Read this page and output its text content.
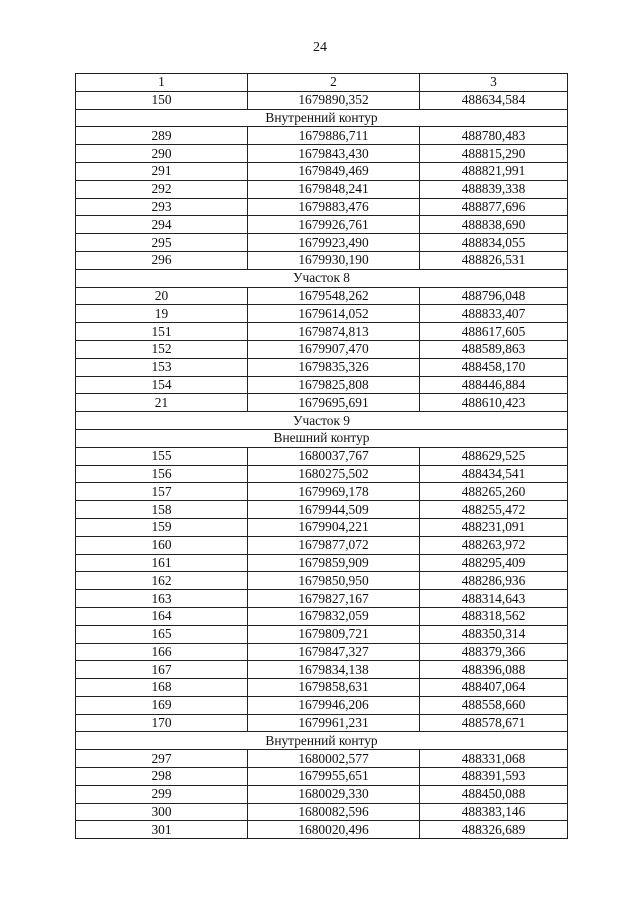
24
1	2	3
150	1679890,352	488634,584
Внутренний контур		
289	1679886,711	488780,483
290	1679843,430	488815,290
291	1679849,469	488821,991
292	1679848,241	488839,338
293	1679883,476	488877,696
294	1679926,761	488838,690
295	1679923,490	488834,055
296	1679930,190	488826,531
Участок 8		
20	1679548,262	488796,048
19	1679614,052	488833,407
151	1679874,813	488617,605
152	1679907,470	488589,863
153	1679835,326	488458,170
154	1679825,808	488446,884
21	1679695,691	488610,423
Участок 9		
Внешний контур		
155	1680037,767	488629,525
156	1680275,502	488434,541
157	1679969,178	488265,260
158	1679944,509	488255,472
159	1679904,221	488231,091
160	1679877,072	488263,972
161	1679859,909	488295,409
162	1679850,950	488286,936
163	1679827,167	488314,643
164	1679832,059	488318,562
165	1679809,721	488350,314
166	1679847,327	488379,366
167	1679834,138	488396,088
168	1679858,631	488407,064
169	1679946,206	488558,660
170	1679961,231	488578,671
Внутренний контур		
297	1680002,577	488331,068
298	1679955,651	488391,593
299	1680029,330	488450,088
300	1680082,596	488383,146
301	1680020,496	488326,689
